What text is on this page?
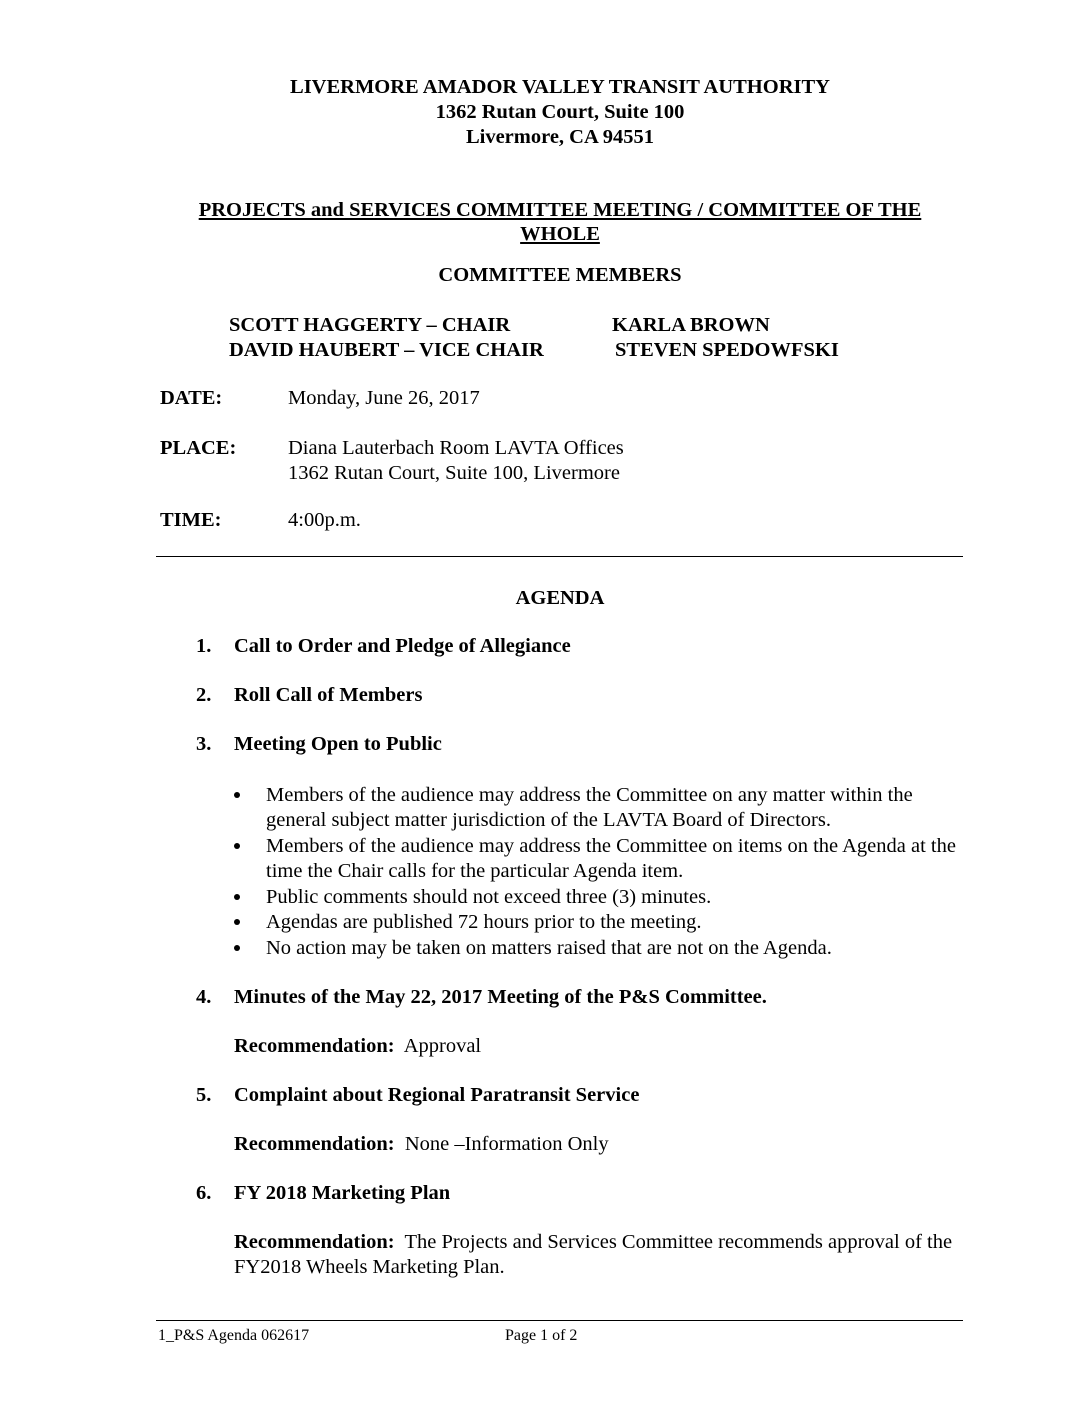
LIVERMORE AMADOR VALLEY TRANSIT AUTHORITY
1362 Rutan Court, Suite 100
Livermore, CA 94551
PROJECTS and SERVICES COMMITTEE MEETING / COMMITTEE OF THE
WHOLE
COMMITTEE MEMBERS
SCOTT HAGGERTY – CHAIR	KARLA BROWN
DAVID HAUBERT – VICE CHAIR	STEVEN SPEDOWFSKI
DATE:	Monday, June 26, 2017
PLACE:	Diana Lauterbach Room LAVTA Offices
1362 Rutan Court, Suite 100, Livermore
TIME:	4:00p.m.
AGENDA
1. Call to Order and Pledge of Allegiance
2. Roll Call of Members
3. Meeting Open to Public
Members of the audience may address the Committee on any matter within the general subject matter jurisdiction of the LAVTA Board of Directors.
Members of the audience may address the Committee on items on the Agenda at the time the Chair calls for the particular Agenda item.
Public comments should not exceed three (3) minutes.
Agendas are published 72 hours prior to the meeting.
No action may be taken on matters raised that are not on the Agenda.
4. Minutes of the May 22, 2017 Meeting of the P&S Committee.
Recommendation: Approval
5. Complaint about Regional Paratransit Service
Recommendation: None –Information Only
6. FY 2018 Marketing Plan
Recommendation: The Projects and Services Committee recommends approval of the FY2018 Wheels Marketing Plan.
1_P&S Agenda 062617	Page 1 of 2
